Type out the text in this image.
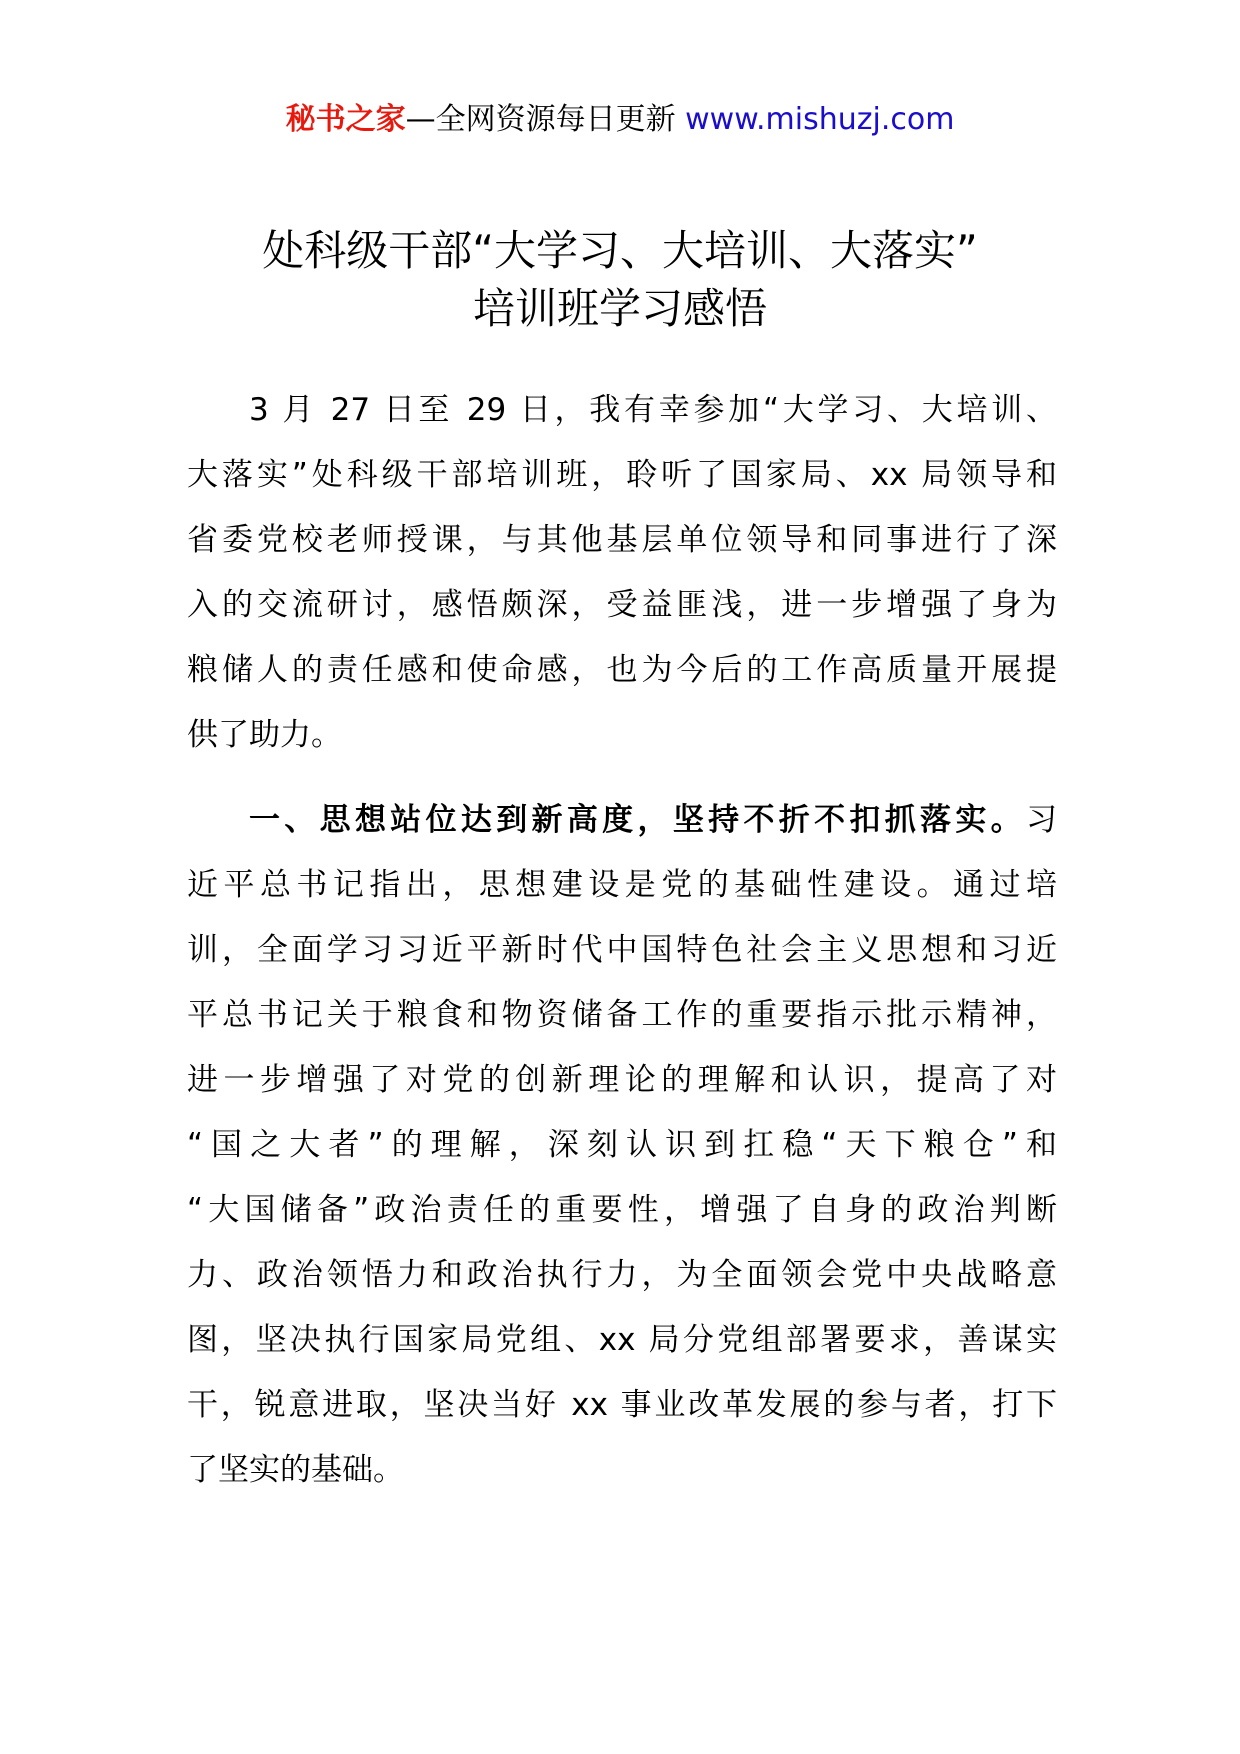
秘书之家—全网资源每日更新 www.mishuzj.com
处科级干部“大学习、大培训、大落实”
培训班学习感悟
3 月 27 日至 29 日，我有幸参加“大学习、大培训、
大落实”处科级干部培训班，聆听了国家局、xx 局领导和
省委党校老师授课，与其他基层单位领导和同事进行了深
入的交流研讨，感悟颇深，受益匪浅，进一步增强了身为
粮储人的责任感和使命感，也为今后的工作高质量开展提
供了助力。
一、思想站位达到新高度，坚持不折不扣抓落实。习
近平总书记指出，思想建设是党的基础性建设。通过培
训，全面学习习近平新时代中国特色社会主义思想和习近
平总书记关于粮食和物资储备工作的重要指示批示精神，
进一步增强了对党的创新理论的理解和认识，提高了对
“国之大者”的理解，深刻认识到扛稳“天下粮仓”和
“大国储备”政治责任的重要性，增强了自身的政治判断
力、政治领悟力和政治执行力，为全面领会党中央战略意
图，坚决执行国家局党组、xx 局分党组部署要求，善谋实
干，锐意进取，坚决当好 xx 事业改革发展的参与者，打下
了坚实的基础。
